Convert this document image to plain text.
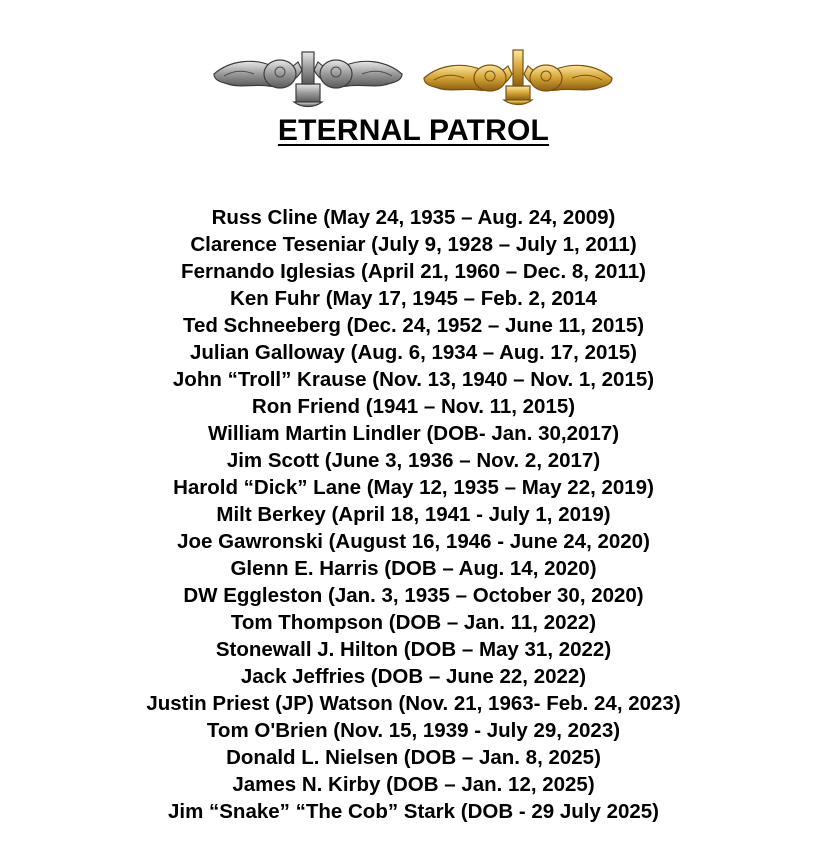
ETERNAL PATROL
Russ Cline (May 24, 1935 – Aug. 24, 2009)
Clarence Teseniar (July 9, 1928 – July 1, 2011)
Fernando Iglesias (April 21, 1960 – Dec. 8, 2011)
Ken Fuhr (May 17, 1945 – Feb. 2, 2014
Ted Schneeberg (Dec. 24, 1952 – June 11, 2015)
Julian Galloway (Aug. 6, 1934 – Aug. 17, 2015)
John “Troll” Krause (Nov. 13, 1940 – Nov. 1, 2015)
Ron Friend (1941 – Nov. 11, 2015)
William Martin Lindler (DOB- Jan. 30,2017)
Jim Scott (June 3, 1936 – Nov. 2, 2017)
Harold “Dick” Lane (May 12, 1935 – May 22, 2019)
Milt Berkey (April 18, 1941 - July 1, 2019)
Joe Gawronski (August 16, 1946 - June 24, 2020)
Glenn E. Harris (DOB – Aug. 14, 2020)
DW Eggleston (Jan. 3, 1935 – October 30, 2020)
Tom Thompson (DOB – Jan. 11, 2022)
Stonewall J. Hilton (DOB – May 31, 2022)
Jack Jeffries (DOB – June 22, 2022)
Justin Priest (JP) Watson (Nov. 21, 1963- Feb. 24, 2023)
Tom O'Brien (Nov. 15, 1939 - July 29, 2023)
Donald L. Nielsen (DOB – Jan. 8, 2025)
James N. Kirby (DOB – Jan. 12, 2025)
Jim “Snake” “The Cob” Stark (DOB - 29 July 2025)
